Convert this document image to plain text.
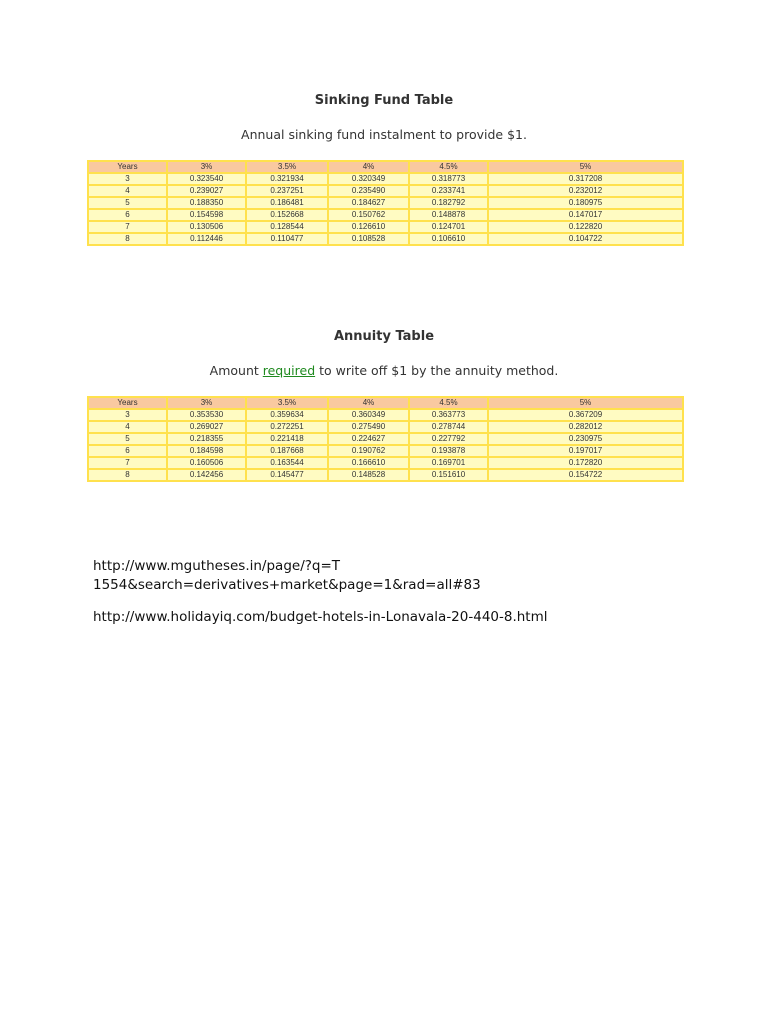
Sinking Fund Table
Annual sinking fund instalment to provide $1.
Years	3%	3.5%	4%	4.5%	5%
3	0.323540	0.321934	0.320349	0.318773	0.317208
4	0.239027	0.237251	0.235490	0.233741	0.232012
5	0.188350	0.186481	0.184627	0.182792	0.180975
6	0.154598	0.152668	0.150762	0.148878	0.147017
7	0.130506	0.128544	0.126610	0.124701	0.122820
8	0.112446	0.110477	0.108528	0.106610	0.104722
Annuity Table
Amount required to write off $1 by the annuity method.
Years	3%	3.5%	4%	4.5%	5%
3	0.353530	0.359634	0.360349	0.363773	0.367209
4	0.269027	0.272251	0.275490	0.278744	0.282012
5	0.218355	0.221418	0.224627	0.227792	0.230975
6	0.184598	0.187668	0.190762	0.193878	0.197017
7	0.160506	0.163544	0.166610	0.169701	0.172820
8	0.142456	0.145477	0.148528	0.151610	0.154722
http://www.mgutheses.in/page/?q=T
1554&search=derivatives+market&page=1&rad=all#83
http://www.holidayiq.com/budget-hotels-in-Lonavala-20-440-8.html
